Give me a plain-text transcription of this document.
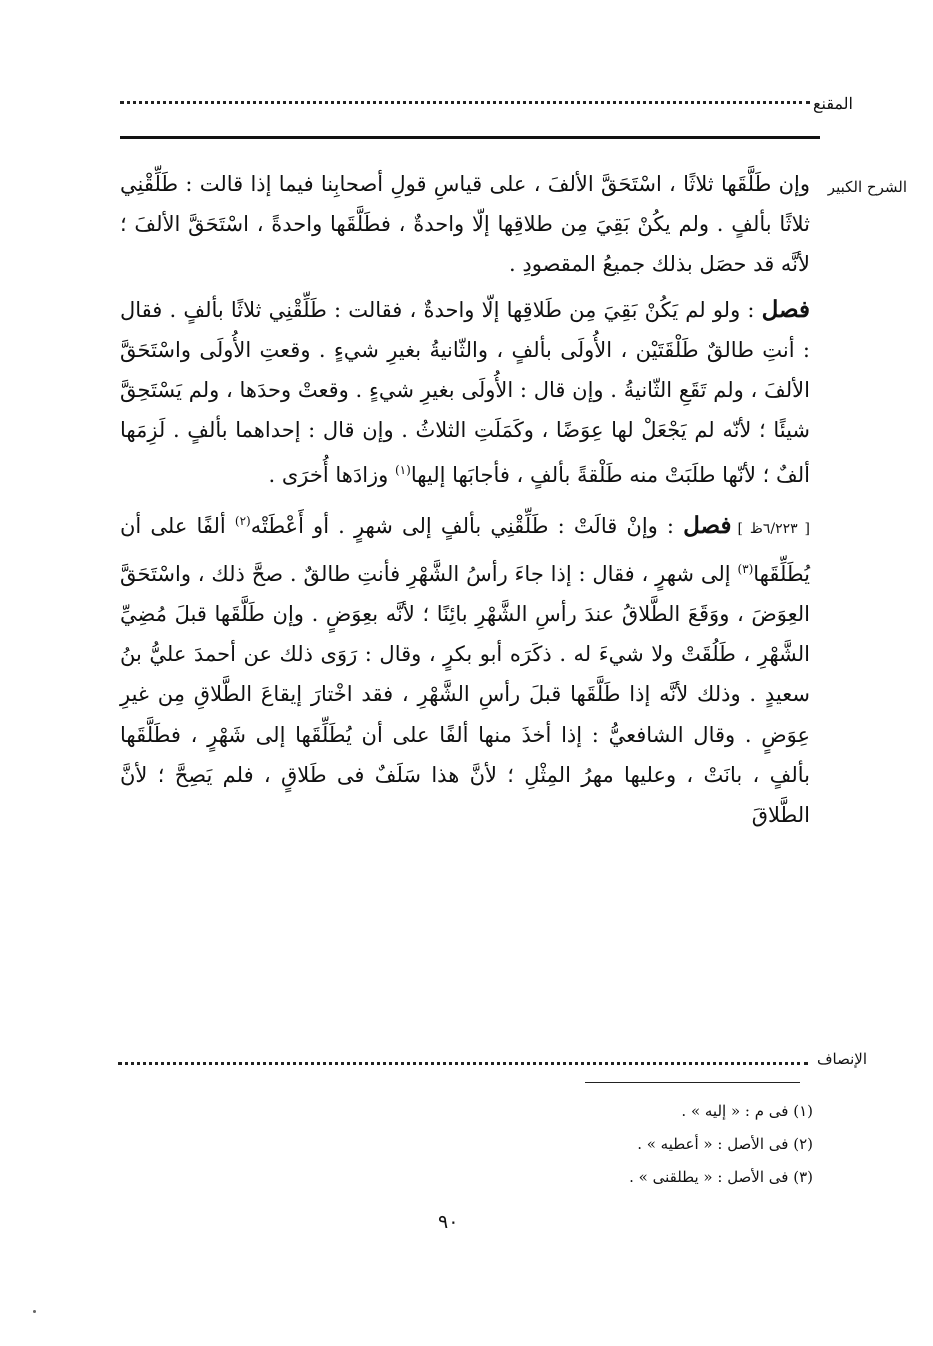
المقنع
الشرح الكبير

وإن طَلَّقَها ثلاثًا ، اسْتَحَقَّ الألفَ ، على قياسِ قولِ أصحابِنا فيما إذا قالت : طَلِّقْنِي ثلاثًا بألفٍ . ولم يكُنْ بَقِيَ مِن طلاقِها إلّا واحدةٌ ، فطَلَّقَها واحدةً ، اسْتَحَقَّ الألفَ ؛ لأنَّه قد حصَل بذلك جميعُ المقصودِ .

فصل : ولو لم يَكُنْ بَقِيَ مِن طَلاقِها إلّا واحدةٌ ، فقالت : طَلِّقْنِي ثلاثًا بألفٍ . فقال : أنتِ طالقٌ طَلْقَتَيْن ، الأُولَى بألفٍ ، والثّانيةُ بغيرِ شيءٍ . وقعتِ الأُولَى واسْتَحَقَّ الألفَ ، ولم تَقَعِ الثّانيةُ . وإن قال : الأُولَى بغيرِ شيءٍ . وقعتْ وحدَها ، ولم يَسْتَحِقَّ شيئًا ؛ لأنّه لم يَجْعَلْ لها عِوَضًا ، وكَمَلَتِ الثلاثُ . وإن قال : إحداهما بألفٍ . لَزِمَها ألفٌ ؛ لأنّها طلَبَتْ منه طَلْقةً بألفٍ ، فأجابَها إليها$^{(١)}$ وزادَها أُخرَى .

[ ٦/٢٢٣ظ ]فصل : وإنْ قالَتْ : طَلِّقْنِي بألفٍ إلى شهرٍ . أو أَعْطَتْه$^{(٢)}$ ألفًا على أن يُطَلِّقَها$^{(٣)}$ إلى شهرٍ ، فقال : إذا جاءَ رأسُ الشَّهْرِ فأنتِ طالقٌ . صحَّ ذلك ، واسْتَحَقَّ العِوَضَ ، ووَقَعَ الطَّلاقُ عندَ رأسِ الشَّهْرِ بائِنًا ؛ لأنَّه بعِوَضٍ . وإن طَلَّقَها قبلَ مُضِيِّ الشَّهْرِ ، طَلُقَتْ ولا شيءَ له . ذكَرَه أبو بكرٍ ، وقال : رَوَى ذلك عن أحمدَ عليُّ بنُ سعيدٍ . وذلك لأنَّه إذا طَلَّقَها قبلَ رأسِ الشَّهْرِ ، فقد اخْتارَ إيقاعَ الطَّلاقِ مِن غيرِ عِوَضٍ . وقال الشافعيُّ : إذا أخذَ منها ألفًا على أن يُطَلِّقَها إلى شَهْرٍ ، فطَلَّقَها بألفٍ ، بانَتْ ، وعليها مهرُ المِثْلِ ؛ لأنَّ هذا سَلَفٌ فى طَلاقٍ ، فلم يَصِحَّ ؛ لأنَّ الطَّلاقَ

الإنصاف
(١) فى م : « إليه » .
(٢) فى الأصل : « أعطيه » .
(٣) فى الأصل : « يطلقنى » .
٩٠
